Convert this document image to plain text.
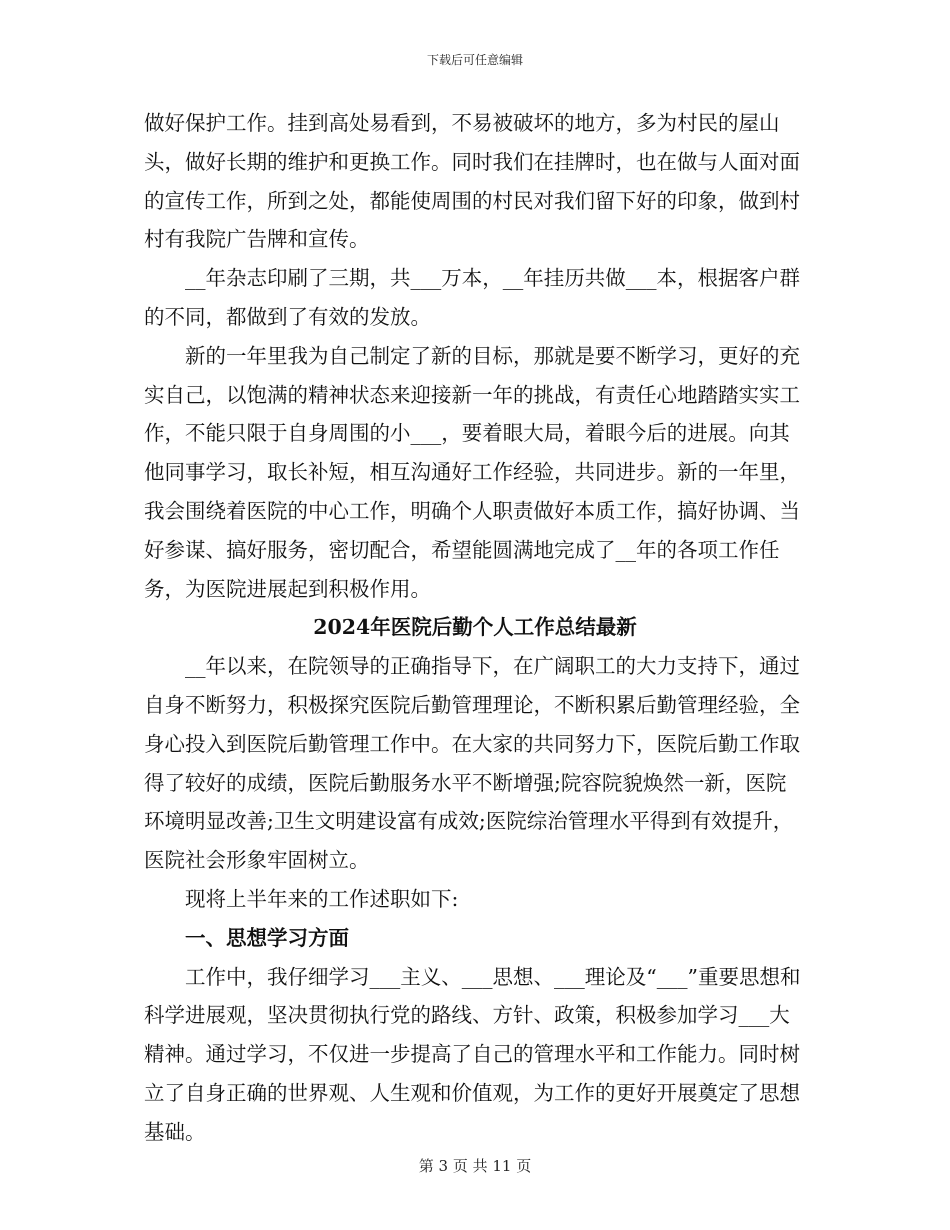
下载后可任意编辑

做好保护工作。挂到高处易看到，不易被破坏的地方，多为村民的屋山头，做好长期的维护和更换工作。同时我们在挂牌时，也在做与人面对面的宣传工作，所到之处，都能使周围的村民对我们留下好的印象，做到村村有我院广告牌和宣传。

__年杂志印刷了三期，共___万本，__年挂历共做___本，根据客户群的不同，都做到了有效的发放。

新的一年里我为自己制定了新的目标，那就是要不断学习，更好的充实自己，以饱满的精神状态来迎接新一年的挑战，有责任心地踏踏实实工作，不能只限于自身周围的小___，要着眼大局，着眼今后的进展。向其他同事学习，取长补短，相互沟通好工作经验，共同进步。新的一年里，我会围绕着医院的中心工作，明确个人职责做好本质工作，搞好协调、当好参谋、搞好服务，密切配合，希望能圆满地完成了__年的各项工作任务，为医院进展起到积极作用。

2024年医院后勤个人工作总结最新

__年以来，在院领导的正确指导下，在广阔职工的大力支持下，通过自身不断努力，积极探究医院后勤管理理论，不断积累后勤管理经验，全身心投入到医院后勤管理工作中。在大家的共同努力下，医院后勤工作取得了较好的成绩，医院后勤服务水平不断增强;院容院貌焕然一新，医院环境明显改善;卫生文明建设富有成效;医院综治管理水平得到有效提升，医院社会形象牢固树立。

现将上半年来的工作述职如下:

一、思想学习方面

工作中，我仔细学习___主义、___思想、___理论及“___”重要思想和科学进展观，坚决贯彻执行党的路线、方针、政策，积极参加学习___大精神。通过学习，不仅进一步提高了自己的管理水平和工作能力。同时树立了自身正确的世界观、人生观和价值观，为工作的更好开展奠定了思想基础。

第 3 页 共 11 页
